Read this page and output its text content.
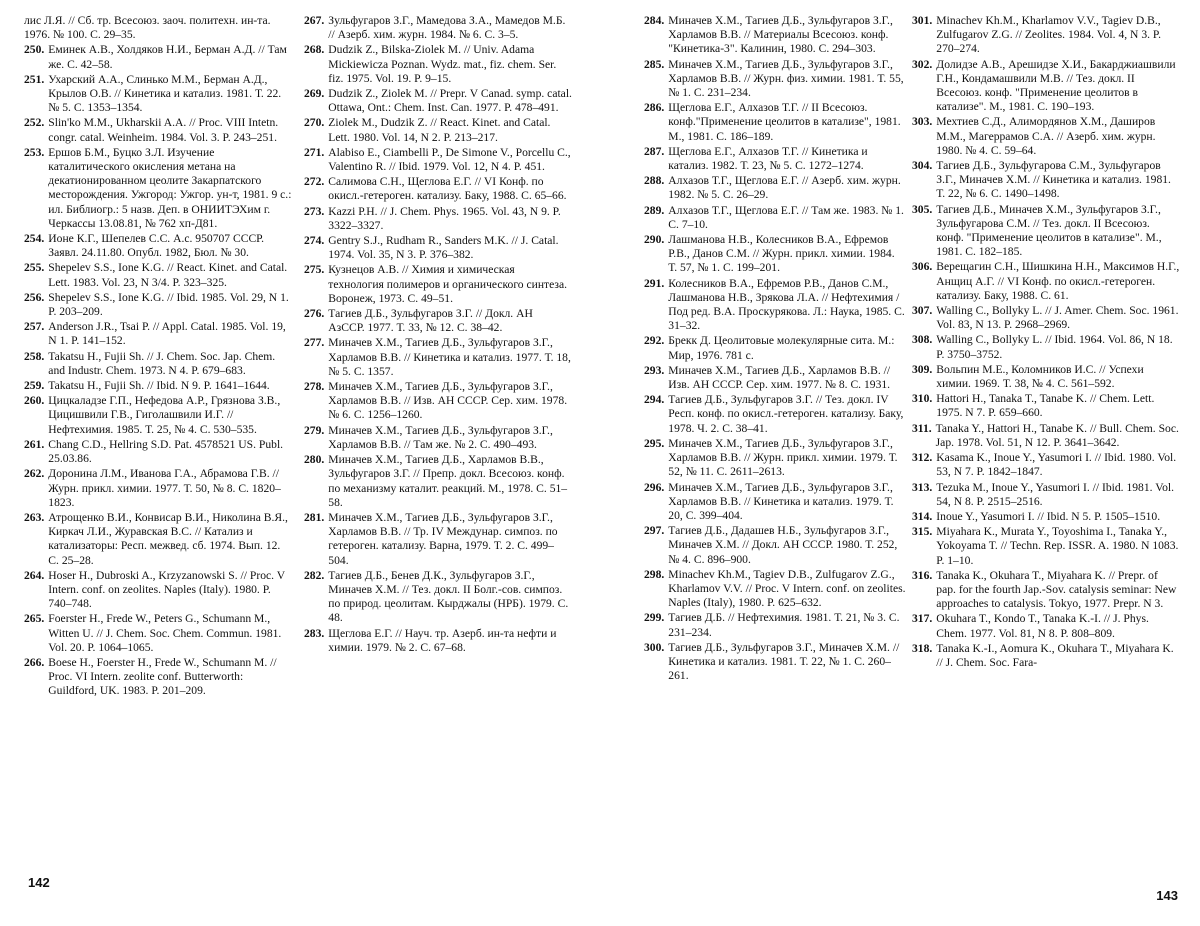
лис Л.Я. // Сб. тр. Всесоюз. заоч. политехн. ин-та. 1976. № 100. С. 29–35.
250. Еминек А.В., Холдяков Н.И., Берман А.Д. // Там же. С. 42–58.
251. Ухарский А.А., Слинько М.М., Берман А.Д., Крылов О.В. // Кинетика и катализ. 1981. Т. 22. № 5. С. 1353–1354.
252. Slin'ko M.M., Ukharskii A.A. // Proc. VIII Intetn. congr. catal. Weinheim. 1984. Vol. 3. P. 243–251.
253. Ершов Б.М., Буцко З.Л. Изучение каталитического окисления метана на декатионированном цеолите Закарпатского месторождения. Ужгород: Ужгор. ун-т, 1981. 9 с.: ил. Библиогр.: 5 назв. Деп. в ОНИИТЭХим г. Черкассы 13.08.81, № 762 хп-Д81.
254. Ионе К.Г., Шепелев С.С. А.с. 950707 СССР. Заявл. 24.11.80. Опубл. 1982, Бюл. № 30.
255. Shepelev S.S., Ione K.G. // React. Kinet. and Catal. Lett. 1983. Vol. 23, N 3/4. P. 323–325.
256. Shepelev S.S., Ione K.G. // Ibid. 1985. Vol. 29, N 1. P. 203–209.
257. Anderson J.R., Tsai P. // Appl. Catal. 1985. Vol. 19, N 1. P. 141–152.
258. Takatsu H., Fujii Sh. // J. Chem. Soc. Jap. Chem. and Industr. Chem. 1973. N 4. P. 679–683.
259. Takatsu H., Fujii Sh. // Ibid. N 9. P. 1641–1644.
260. Цицкаладзе Г.П., Нефедова А.Р., Грязнова З.В., Цицишвили Г.В., Гиголашвили И.Г. // Нефтехимия. 1985. Т. 25, № 4. С. 530–535.
261. Chang C.D., Hellring S.D. Pat. 4578521 US. Publ. 25.03.86.
262. Доронина Л.М., Иванова Г.А., Абрамова Г.В. // Журн. прикл. химии. 1977. Т. 50, № 8. С. 1820–1823.
263. Атрощенко В.И., Конвисар В.И., Николина В.Я., Киркач Л.И., Журавская В.С. // Катализ и катализаторы: Респ. межвед. сб. 1974. Вып. 12. С. 25–28.
264. Hoser H., Dubroski A., Krzyzanowski S. // Proc. V Intern. conf. on zeolites. Naples (Italy). 1980. P. 740–748.
265. Foerster H., Frede W., Peters G., Schumann M., Witten U. // J. Chem. Soc. Chem. Commun. 1981. Vol. 20. P. 1064–1065.
266. Boese H., Foerster H., Frede W., Schumann M. // Proc. VI Intern. zeolite conf. Butterworth: Guildford, UK. 1983. P. 201–209.
267. Зульфугаров З.Г., Мамедова З.А., Мамедов М.Б. // Азерб. хим. журн. 1984. № 6. С. 3–5.
268. Dudzik Z., Bilska-Ziolek M. // Univ. Adama Mickiewicza Poznan. Wydz. mat., fiz. chem. Ser. fiz. 1975. Vol. 19. P. 9–15.
269. Dudzik Z., Ziolek M. // Prepr. V Canad. symp. catal. Ottawa, Ont.: Chem. Inst. Can. 1977. P. 478–491.
270. Ziolek M., Dudzik Z. // React. Kinet. and Catal. Lett. 1980. Vol. 14, N 2. P. 213–217.
271. Alabiso E., Ciambelli P., De Simone V., Porcellu C., Valentino R. // Ibid. 1979. Vol. 12, N 4. P. 451.
272. Салимова С.Н., Щеглова Е.Г. // VI Конф. по окисл.-гетероген. катализу. Баку, 1988. С. 65–66.
273. Kazzi P.H. // J. Chem. Phys. 1965. Vol. 43, N 9. P. 3322–3327.
274. Gentry S.J., Rudham R., Sanders M.K. // J. Catal. 1974. Vol. 35, N 3. P. 376–382.
275. Кузнецов А.В. // Химия и химическая технология полимеров и органического синтеза. Воронеж, 1973. С. 49–51.
276. Тагиев Д.Б., Зульфугаров З.Г. // Докл. АН АзССР. 1977. Т. 33, № 12. С. 38–42.
277. Миначев Х.М., Тагиев Д.Б., Зульфугаров З.Г., Харламов В.В. // Кинетика и катализ. 1977. Т. 18, № 5. С. 1357.
278. Миначев Х.М., Тагиев Д.Б., Зульфугаров З.Г., Харламов В.В. // Изв. АН СССР. Сер. хим. 1978. № 6. С. 1256–1260.
279. Миначев Х.М., Тагиев Д.Б., Зульфугаров З.Г., Харламов В.В. // Там же. № 2. С. 490–493.
280. Миначев Х.М., Тагиев Д.Б., Харламов В.В., Зульфугаров З.Г. // Препр. докл. Всесоюз. конф. по механизму каталит. реакций. М., 1978. С. 51–58.
281. Миначев Х.М., Тагиев Д.Б., Зульфугаров З.Г., Харламов В.В. // Тр. IV Междунар. симпоз. по гетероген. катализу. Варна, 1979. Т. 2. С. 499–504.
282. Тагиев Д.Б., Бенев Д.К., Зульфугаров З.Г., Миначев Х.М. // Тез. докл. II Болг.-сов. симпоз. по природ. цеолитам. Кырджалы (НРБ). 1979. С. 48.
283. Щеглова Е.Г. // Науч. тр. Азерб. ин-та нефти и химии. 1979. № 2. С. 67–68.
142
284. Миначев Х.М., Тагиев Д.Б., Зульфугаров З.Г., Харламов В.В. // Материалы Всесоюз. конф. "Кинетика-3". Калинин, 1980. С. 294–303.
285. Миначев Х.М., Тагиев Д.Б., Зульфугаров З.Г., Харламов В.В. // Журн. физ. химии. 1981. Т. 55, № 1. С. 231–234.
286. Щеглова Е.Г., Алхазов Т.Г. // II Всесоюз. конф."Применение цеолитов в катализе", 1981. М., 1981. С. 186–189.
287. Щеглова Е.Г., Алхазов Т.Г. // Кинетика и катализ. 1982. Т. 23, № 5. С. 1272–1274.
288. Алхазов Т.Г., Щеглова Е.Г. // Азерб. хим. журн. 1982. № 5. С. 26–29.
289. Алхазов Т.Г., Щеглова Е.Г. // Там же. 1983. № 1. С. 7–10.
290. Лашманова Н.В., Колесников В.А., Ефремов Р.В., Данов С.М. // Журн. прикл. химии. 1984. Т. 57, № 1. С. 199–201.
291. Колесников В.А., Ефремов Р.В., Данов С.М., Лашманова Н.В., Зрякова Л.А. // Нефтехимия / Под ред. В.А. Проскурякова. Л.: Наука, 1985. С. 31–32.
292. Брекк Д. Цеолитовые молекулярные сита. М.: Мир, 1976. 781 с.
293. Миначев Х.М., Тагиев Д.Б., Харламов В.В. // Изв. АН СССР. Сер. хим. 1977. № 8. С. 1931.
294. Тагиев Д.Б., Зульфугаров З.Г. // Тез. докл. IV Респ. конф. по окисл.-гетероген. катализу. Баку, 1978. Ч. 2. С. 38–41.
295. Миначев Х.М., Тагиев Д.Б., Зульфугаров З.Г., Харламов В.В. // Журн. прикл. химии. 1979. Т. 52, № 11. С. 2611–2613.
296. Миначев Х.М., Тагиев Д.Б., Зульфугаров З.Г., Харламов В.В. // Кинетика и катализ. 1979. Т. 20, С. 399–404.
297. Тагиев Д.Б., Дадашев Н.Б., Зульфугаров З.Г., Миначев Х.М. // Докл. АН СССР. 1980. Т. 252, № 4. С. 896–900.
298. Minachev Kh.M., Tagiev D.B., Zulfugarov Z.G., Kharlamov V.V. // Proc. V Intern. conf. on zeolites. Naples (Italy), 1980. P. 625–632.
299. Тагиев Д.Б. // Нефтехимия. 1981. Т. 21, № 3. С. 231–234.
300. Тагиев Д.Б., Зульфугаров З.Г., Миначев Х.М. // Кинетика и катализ. 1981. Т. 22, № 1. С. 260–261.
301. Minachev Kh.M., Kharlamov V.V., Tagiev D.B., Zulfugarov Z.G. // Zeolites. 1984. Vol. 4, N 3. P. 270–274.
302. Долидзе А.В., Арешидзе Х.И., Бакарджиашвили Г.Н., Кондамашвили М.В. // Тез. докл. II Всесоюз. конф. "Применение цеолитов в катализе". М., 1981. С. 190–193.
303. Мехтиев С.Д., Алимордянов Х.М., Даширов М.М., Магеррамов С.А. // Азерб. хим. журн. 1980. № 4. С. 59–64.
304. Тагиев Д.Б., Зульфугарова С.М., Зульфугаров З.Г., Миначев Х.М. // Кинетика и катализ. 1981. Т. 22, № 6. С. 1490–1498.
305. Тагиев Д.Б., Миначев Х.М., Зульфугаров З.Г., Зульфугарова С.М. // Тез. докл. II Всесоюз. конф. "Применение цеолитов в катализе". М., 1981. С. 182–185.
306. Верещагин С.Н., Шишкина Н.Н., Максимов Н.Г., Анщиц А.Г. // VI Конф. по окисл.-гетероген. катализу. Баку, 1988. С. 61.
307. Walling C., Bollyky L. // J. Amer. Chem. Soc. 1961. Vol. 83, N 13. P. 2968–2969.
308. Walling C., Bollyky L. // Ibid. 1964. Vol. 86, N 18. P. 3750–3752.
309. Вольпин М.Е., Коломников И.С. // Успехи химии. 1969. Т. 38, № 4. С. 561–592.
310. Hattori H., Tanaka T., Tanabe K. // Chem. Lett. 1975. N 7. P. 659–660.
311. Tanaka Y., Hattori H., Tanabe K. // Bull. Chem. Soc. Jap. 1978. Vol. 51, N 12. P. 3641–3642.
312. Kasama K., Inoue Y., Yasumori I. // Ibid. 1980. Vol. 53, N 7. P. 1842–1847.
313. Tezuka M., Inoue Y., Yasumori I. // Ibid. 1981. Vol. 54, N 8. P. 2515–2516.
314. Inoue Y., Yasumori I. // Ibid. N 5. P. 1505–1510.
315. Miyahara K., Murata Y., Toyoshima I., Tanaka Y., Yokoyama T. // Techn. Rep. ISSR. A. 1980. N 1083. P. 1–10.
316. Tanaka K., Okuhara T., Miyahara K. // Prepr. of pap. for the fourth Jap.-Sov. catalysis seminar: New approaches to catalysis. Tokyo, 1977. Prepr. N 3.
317. Okuhara T., Kondo T., Tanaka K.-I. // J. Phys. Chem. 1977. Vol. 81, N 8. P. 808–809.
318. Tanaka K.-I., Aomura K., Okuhara T., Miyahara K. // J. Chem. Soc. Fara-
143
